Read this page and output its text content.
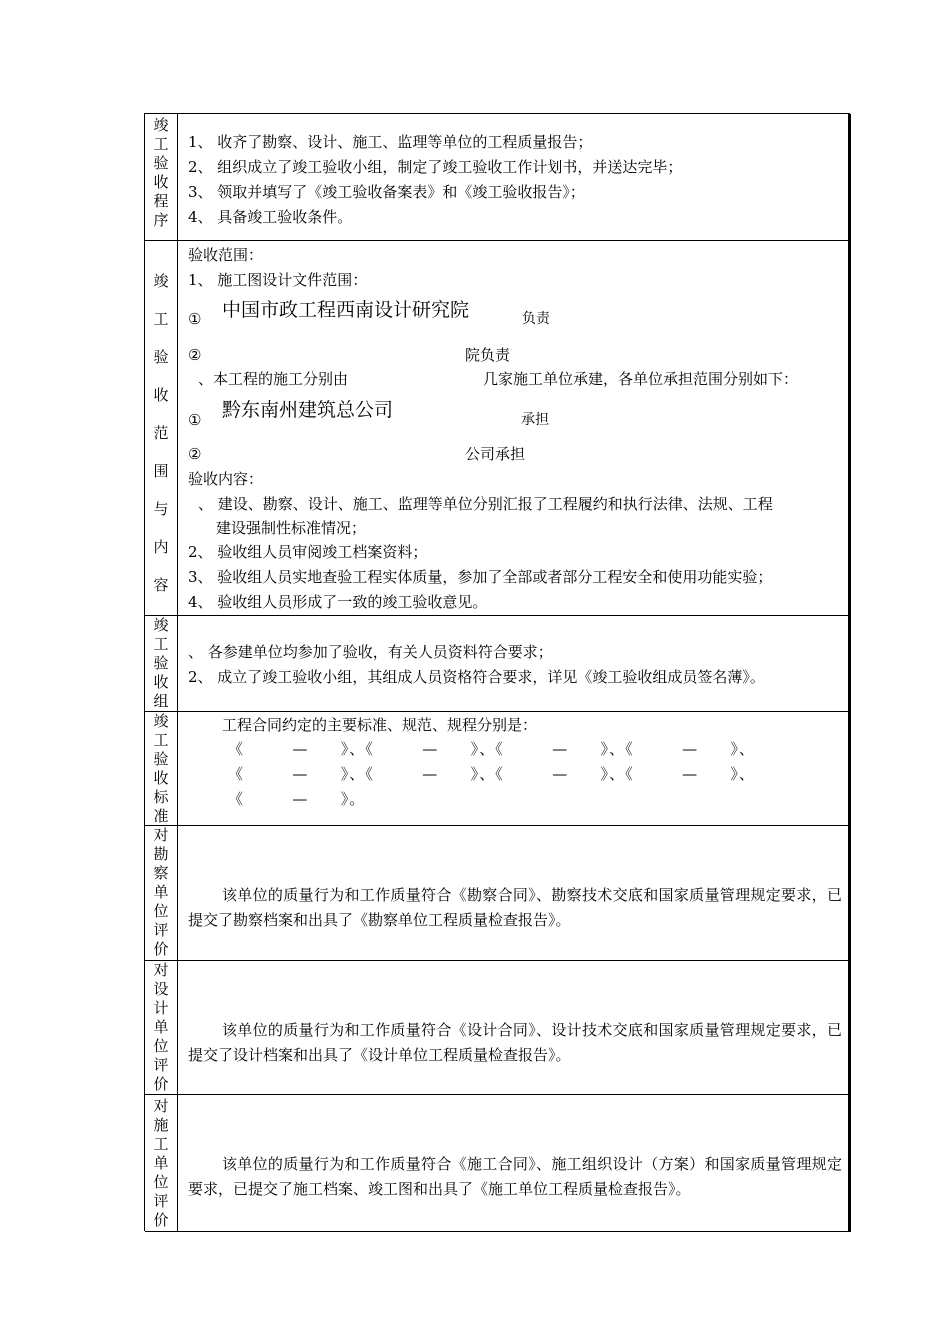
竣
工
验
收
程
序
1、 收齐了勘察、设计、施工、监理等单位的工程质量报告；
2、 组织成立了竣工验收小组，制定了竣工验收工作计划书，并送达完毕；
3、 领取并填写了《竣工验收备案表》和《竣工验收报告》；
4、 具备竣工验收条件。
竣
工
验
收
范
围
与
内
容
验收范围：
1、 施工图设计文件范围：
① 中国市政工程西南设计研究院	负责
②	院负责
、本工程的施工分别由	几家施工单位承建，各单位承担范围分别如下：
① 黔东南州建筑总公司	承担
②	公司承担
验收内容：
、 建设、勘察、设计、施工、监理等单位分别汇报了工程履约和执行法律、法规、工程
建设强制性标准情况；
2、 验收组人员审阅竣工档案资料；
3、 验收组人员实地查验工程实体质量，参加了全部或者部分工程安全和使用功能实验；
4、 验收组人员形成了一致的竣工验收意见。
竣
工
验
收
组
、 各参建单位均参加了验收，有关人员资料符合要求；
2、 成立了竣工验收小组，其组成人员资格符合要求，详见《竣工验收组成员签名薄》。
竣
工
验
收
标
准
工程合同约定的主要标准、规范、规程分别是：
《　　　—　　》、《　　　—　　》、《　　　—　　》、《　　　—　　》、
《　　　—　　》、《　　　—　　》、《　　　—　　》、《　　　—　　》、
《　　　—　　》。
对
勘
察
单
位
评
价
该单位的质量行为和工作质量符合《勘察合同》、勘察技术交底和国家质量管理规定要求，已提交了勘察档案和出具了《勘察单位工程质量检查报告》。
对
设
计
单
位
评
价
该单位的质量行为和工作质量符合《设计合同》、设计技术交底和国家质量管理规定要求，已提交了设计档案和出具了《设计单位工程质量检查报告》。
对
施
工
单
位
评
价
该单位的质量行为和工作质量符合《施工合同》、施工组织设计（方案）和国家质量管理规定要求，已提交了施工档案、竣工图和出具了《施工单位工程质量检查报告》。
